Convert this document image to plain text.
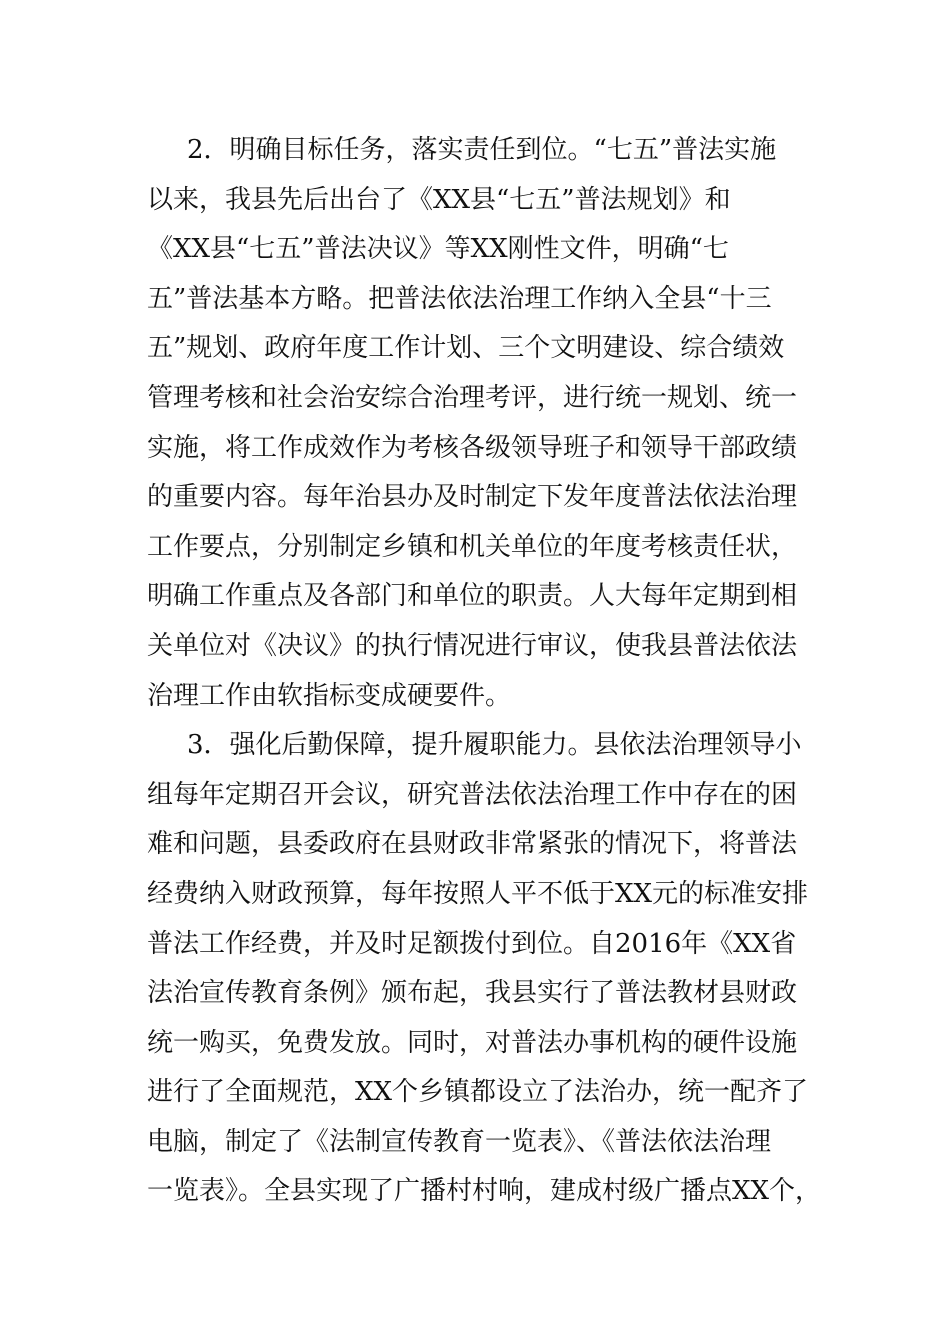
2．明确目标任务，落实责任到位。“七五”普法实施
以来，我县先后出台了《XX县“七五”普法规划》和
《XX县“七五”普法决议》等XX刚性文件，明确“七
五”普法基本方略。把普法依法治理工作纳入全县“十三
五”规划、政府年度工作计划、三个文明建设、综合绩效
管理考核和社会治安综合治理考评，进行统一规划、统一
实施，将工作成效作为考核各级领导班子和领导干部政绩
的重要内容。每年治县办及时制定下发年度普法依法治理
工作要点，分别制定乡镇和机关单位的年度考核责任状，
明确工作重点及各部门和单位的职责。人大每年定期到相
关单位对《决议》的执行情况进行审议，使我县普法依法
治理工作由软指标变成硬要件。
3．强化后勤保障，提升履职能力。县依法治理领导小
组每年定期召开会议，研究普法依法治理工作中存在的困
难和问题，县委政府在县财政非常紧张的情况下，将普法
经费纳入财政预算，每年按照人平不低于XX元的标准安排
普法工作经费，并及时足额拨付到位。自2016年《XX省
法治宣传教育条例》颁布起，我县实行了普法教材县财政
统一购买，免费发放。同时，对普法办事机构的硬件设施
进行了全面规范，XX个乡镇都设立了法治办，统一配齐了
电脑，制定了《法制宣传教育一览表》、《普法依法治理
一览表》。全县实现了广播村村响，建成村级广播点XX个，
